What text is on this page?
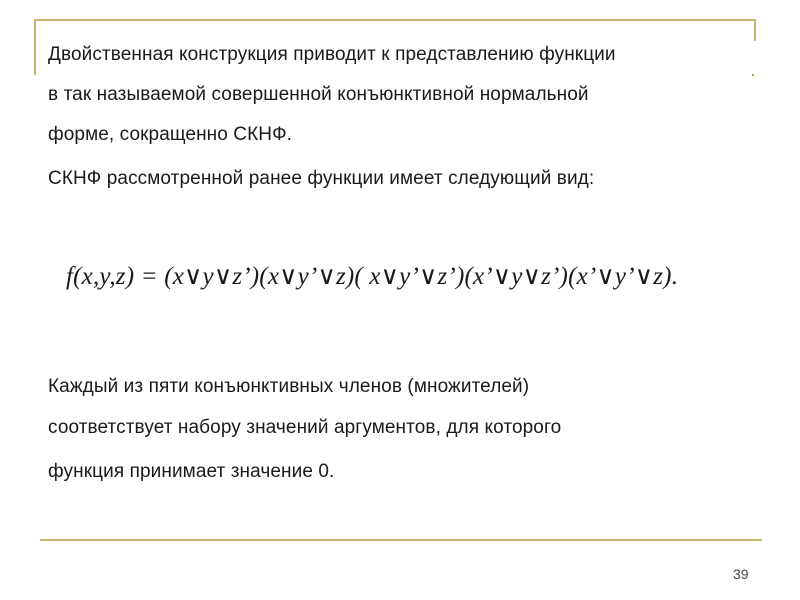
Двойственная конструкция приводит к представлению функции
в так называемой совершенной конъюнктивной нормальной
форме, сокращенно СКНФ.
СКНФ рассмотренной ранее функции имеет следующий вид:
f(x,y,z) = (x∨y∨z’)(x∨y’∨z)( x∨y’∨z’)(x’∨y∨z’)(x’∨y’∨z).
Каждый из пяти конъюнктивных членов (множителей)
соответствует набору значений аргументов, для которого
функция принимает значение 0.
39
